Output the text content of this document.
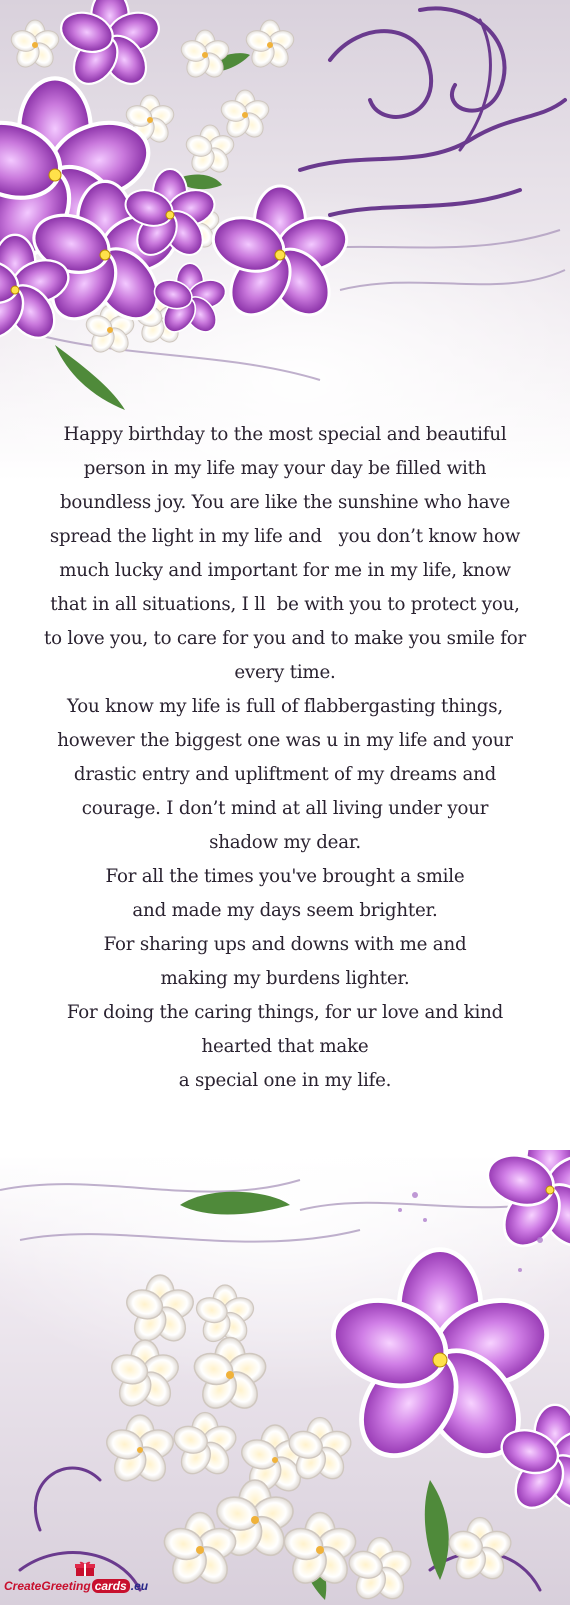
Happy birthday to the most special and beautiful
person in my life may your day be filled with
boundless joy. You are like the sunshine who have
spread the light in my life and   you don’t know how
much lucky and important for me in my life, know
that in all situations, I ll  be with you to protect you,
to love you, to care for you and to make you smile for
every time.
You know my life is full of flabbergasting things,
however the biggest one was u in my life and your
drastic entry and upliftment of my dreams and
courage. I don’t mind at all living under your
shadow my dear.
For all the times you've brought a smile
and made my days seem brighter.
For sharing ups and downs with me and
making my burdens lighter.
For doing the caring things, for ur love and kind
hearted that make
a special one in my life.
CreateGreeting cards .eu
